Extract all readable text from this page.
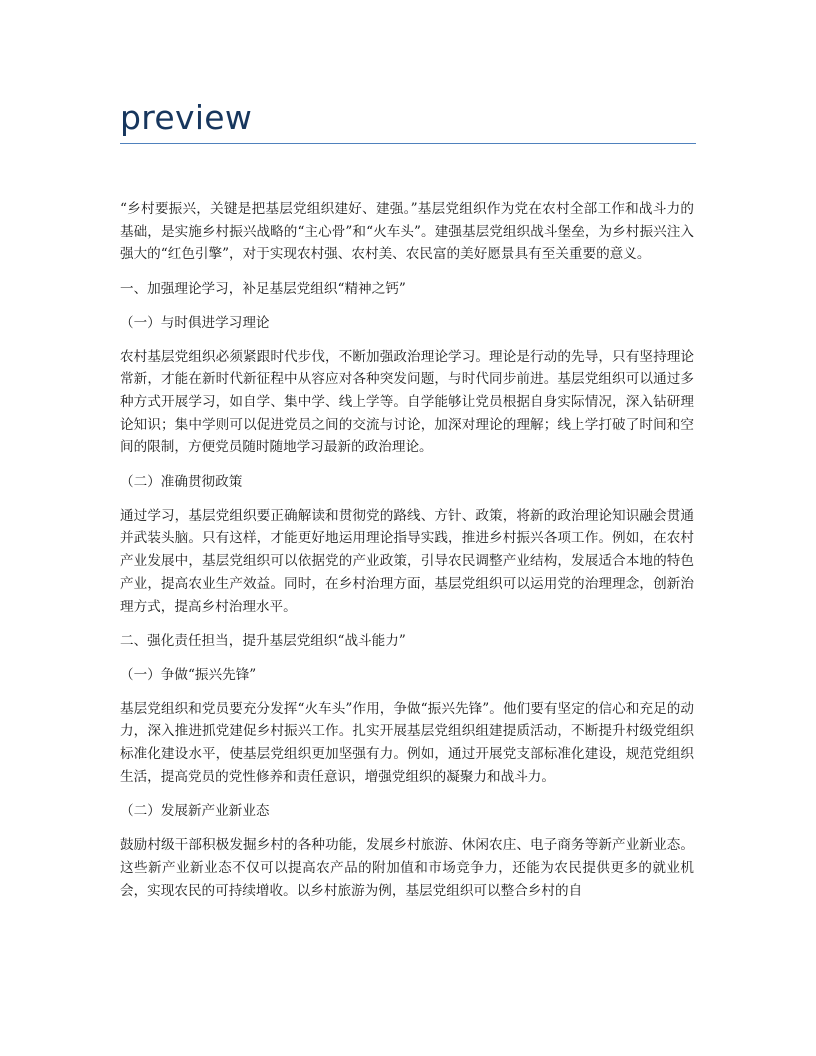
preview

“乡村要振兴，关键是把基层党组织建好、建强。”基层党组织作为党在农村全部工作和战斗力的基础，是实施乡村振兴战略的“主心骨”和“火车头”。建强基层党组织战斗堡垒，为乡村振兴注入强大的“红色引擎”，对于实现农村强、农村美、农民富的美好愿景具有至关重要的意义。

一、加强理论学习，补足基层党组织“精神之钙”

（一）与时俱进学习理论

农村基层党组织必须紧跟时代步伐，不断加强政治理论学习。理论是行动的先导，只有坚持理论常新，才能在新时代新征程中从容应对各种突发问题，与时代同步前进。基层党组织可以通过多种方式开展学习，如自学、集中学、线上学等。自学能够让党员根据自身实际情况，深入钻研理论知识；集中学则可以促进党员之间的交流与讨论，加深对理论的理解；线上学打破了时间和空间的限制，方便党员随时随地学习最新的政治理论。

（二）准确贯彻政策

通过学习，基层党组织要正确解读和贯彻党的路线、方针、政策，将新的政治理论知识融会贯通并武装头脑。只有这样，才能更好地运用理论指导实践，推进乡村振兴各项工作。例如，在农村产业发展中，基层党组织可以依据党的产业政策，引导农民调整产业结构，发展适合本地的特色产业，提高农业生产效益。同时，在乡村治理方面，基层党组织可以运用党的治理理念，创新治理方式，提高乡村治理水平。

二、强化责任担当，提升基层党组织“战斗能力”

（一）争做“振兴先锋”

基层党组织和党员要充分发挥“火车头”作用，争做“振兴先锋”。他们要有坚定的信心和充足的动力，深入推进抓党建促乡村振兴工作。扎实开展基层党组织组建提质活动，不断提升村级党组织标准化建设水平，使基层党组织更加坚强有力。例如，通过开展党支部标准化建设，规范党组织生活，提高党员的党性修养和责任意识，增强党组织的凝聚力和战斗力。

（二）发展新产业新业态

鼓励村级干部积极发掘乡村的各种功能，发展乡村旅游、休闲农庄、电子商务等新产业新业态。这些新产业新业态不仅可以提高农产品的附加值和市场竞争力，还能为农民提供更多的就业机会，实现农民的可持续增收。以乡村旅游为例，基层党组织可以整合乡村的自
